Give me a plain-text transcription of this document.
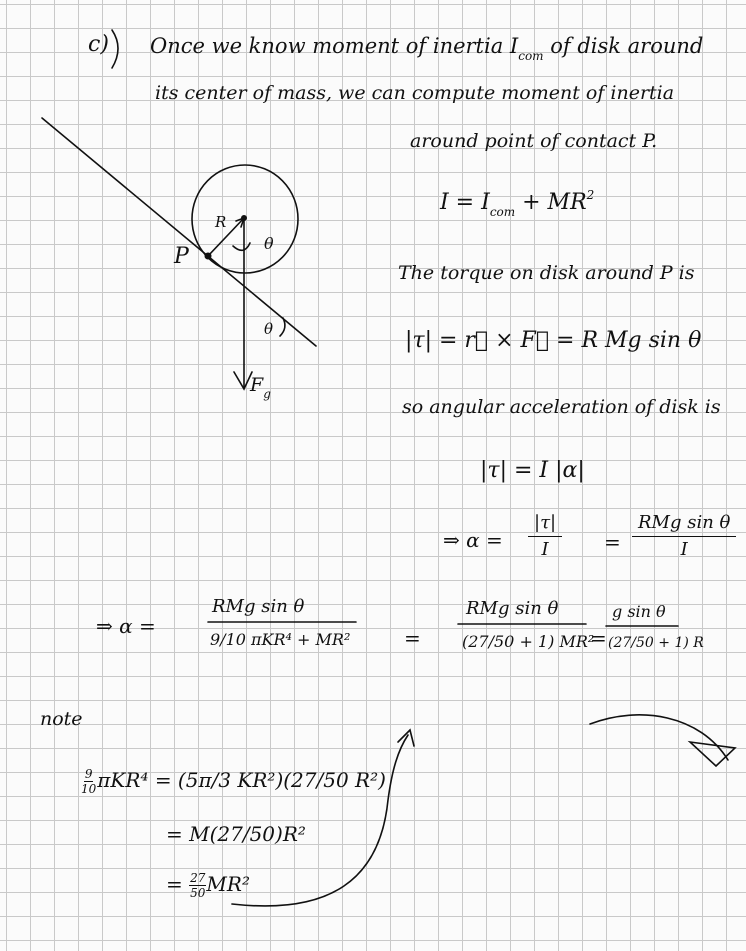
c) Once we know moment of inertia $I_{com}$ of disk around
its center of mass, we can compute moment of inertia
around point of contact P.
$I = I_{com} + MR^2$
The torque on disk around P is
|τ| = r⃗ × F⃗ = R Mg sin θ
so angular acceleration of disk is
|τ| = I |α|
⇒ $\alpha = \frac{|\tau|}{I}$ =
RMg sin θ
I
⇒ α =
RMg sin θ
9/10 πKR⁴ + MR²	=
RMg sin θ
(27/50 + 1) MR²
=
g sin θ
(27/50 + 1) R
note
$\frac{9}{10} \pi KR^4 = (5\pi/3$ KR²)(27/50 R²)
= M(27/50)R²
= $\frac{27}{50} MR^2$
P
R
θ
θ
$F_g$
